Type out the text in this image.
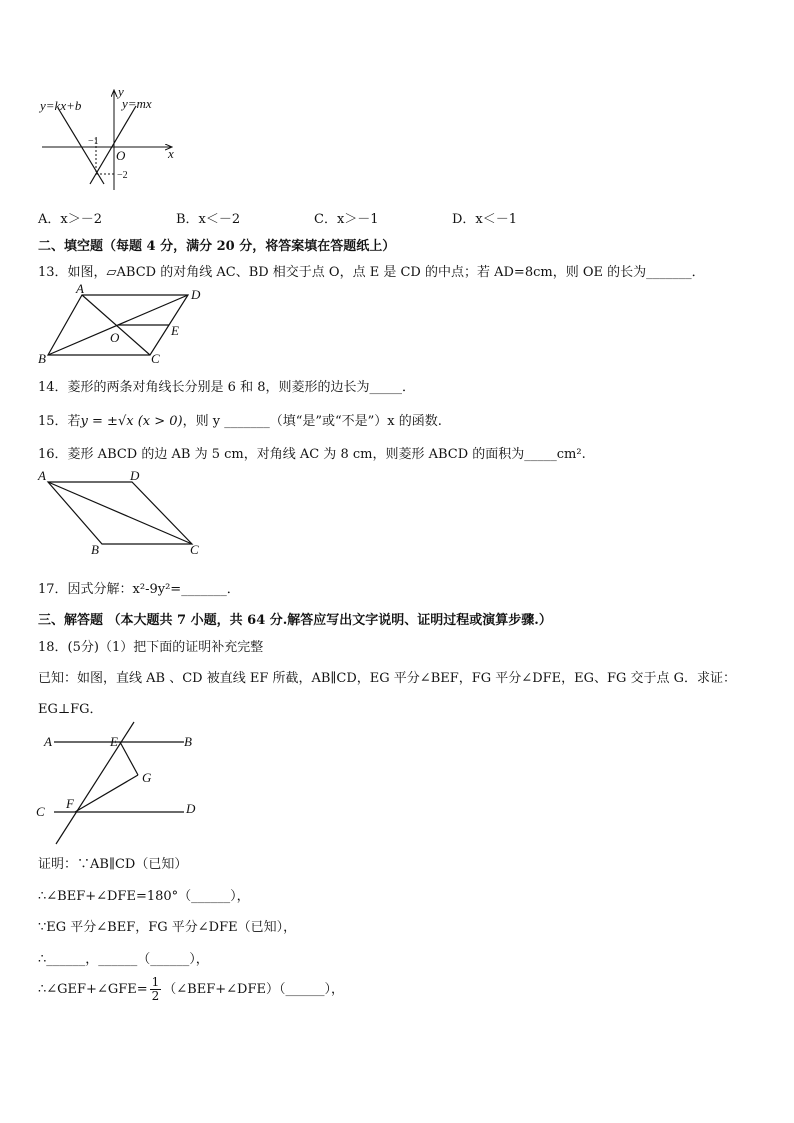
y=kx+b	y=mx
y
x
O
−1
−2
A．x＞－2	B．x＜－2	C．x＞－1	D．x＜－1
二、填空题（每题 4 分，满分 20 分，将答案填在答题纸上）
13．如图，▱ABCD 的对角线 AC、BD 相交于点 O，点 E 是 CD 的中点；若 AD=8cm，则 OE 的长为_______．
A	D
B	C
E
O
14．菱形的两条对角线长分别是 6 和 8，则菱形的边长为_____．
15．若y = ±√x (x > 0)，则 y _______（填“是”或“不是”）x 的函数.
16．菱形 ABCD 的边 AB 为 5 cm，对角线 AC 为 8 cm，则菱形 ABCD 的面积为_____cm².
A	D
B	C
17．因式分解：x²-9y²=_______．
三、解答题 （本大题共 7 小题，共 64 分.解答应写出文字说明、证明过程或演算步骤.）
18．(5分)（1）把下面的证明补充完整
已知：如图，直线 AB 、CD 被直线 EF 所截，AB∥CD，EG 平分∠BEF，FG 平分∠DFE，EG、FG 交于点 G．求证：
EG⊥FG．
A	E	B
G
C
F	D
证明：∵AB∥CD（已知）
∴∠BEF+∠DFE=180°（______），
∵EG 平分∠BEF，FG 平分∠DFE（已知），
∴______，______（______），
∴∠GEF+∠GFE= $\frac{1}{2}$ （∠BEF+∠DFE）（______），
